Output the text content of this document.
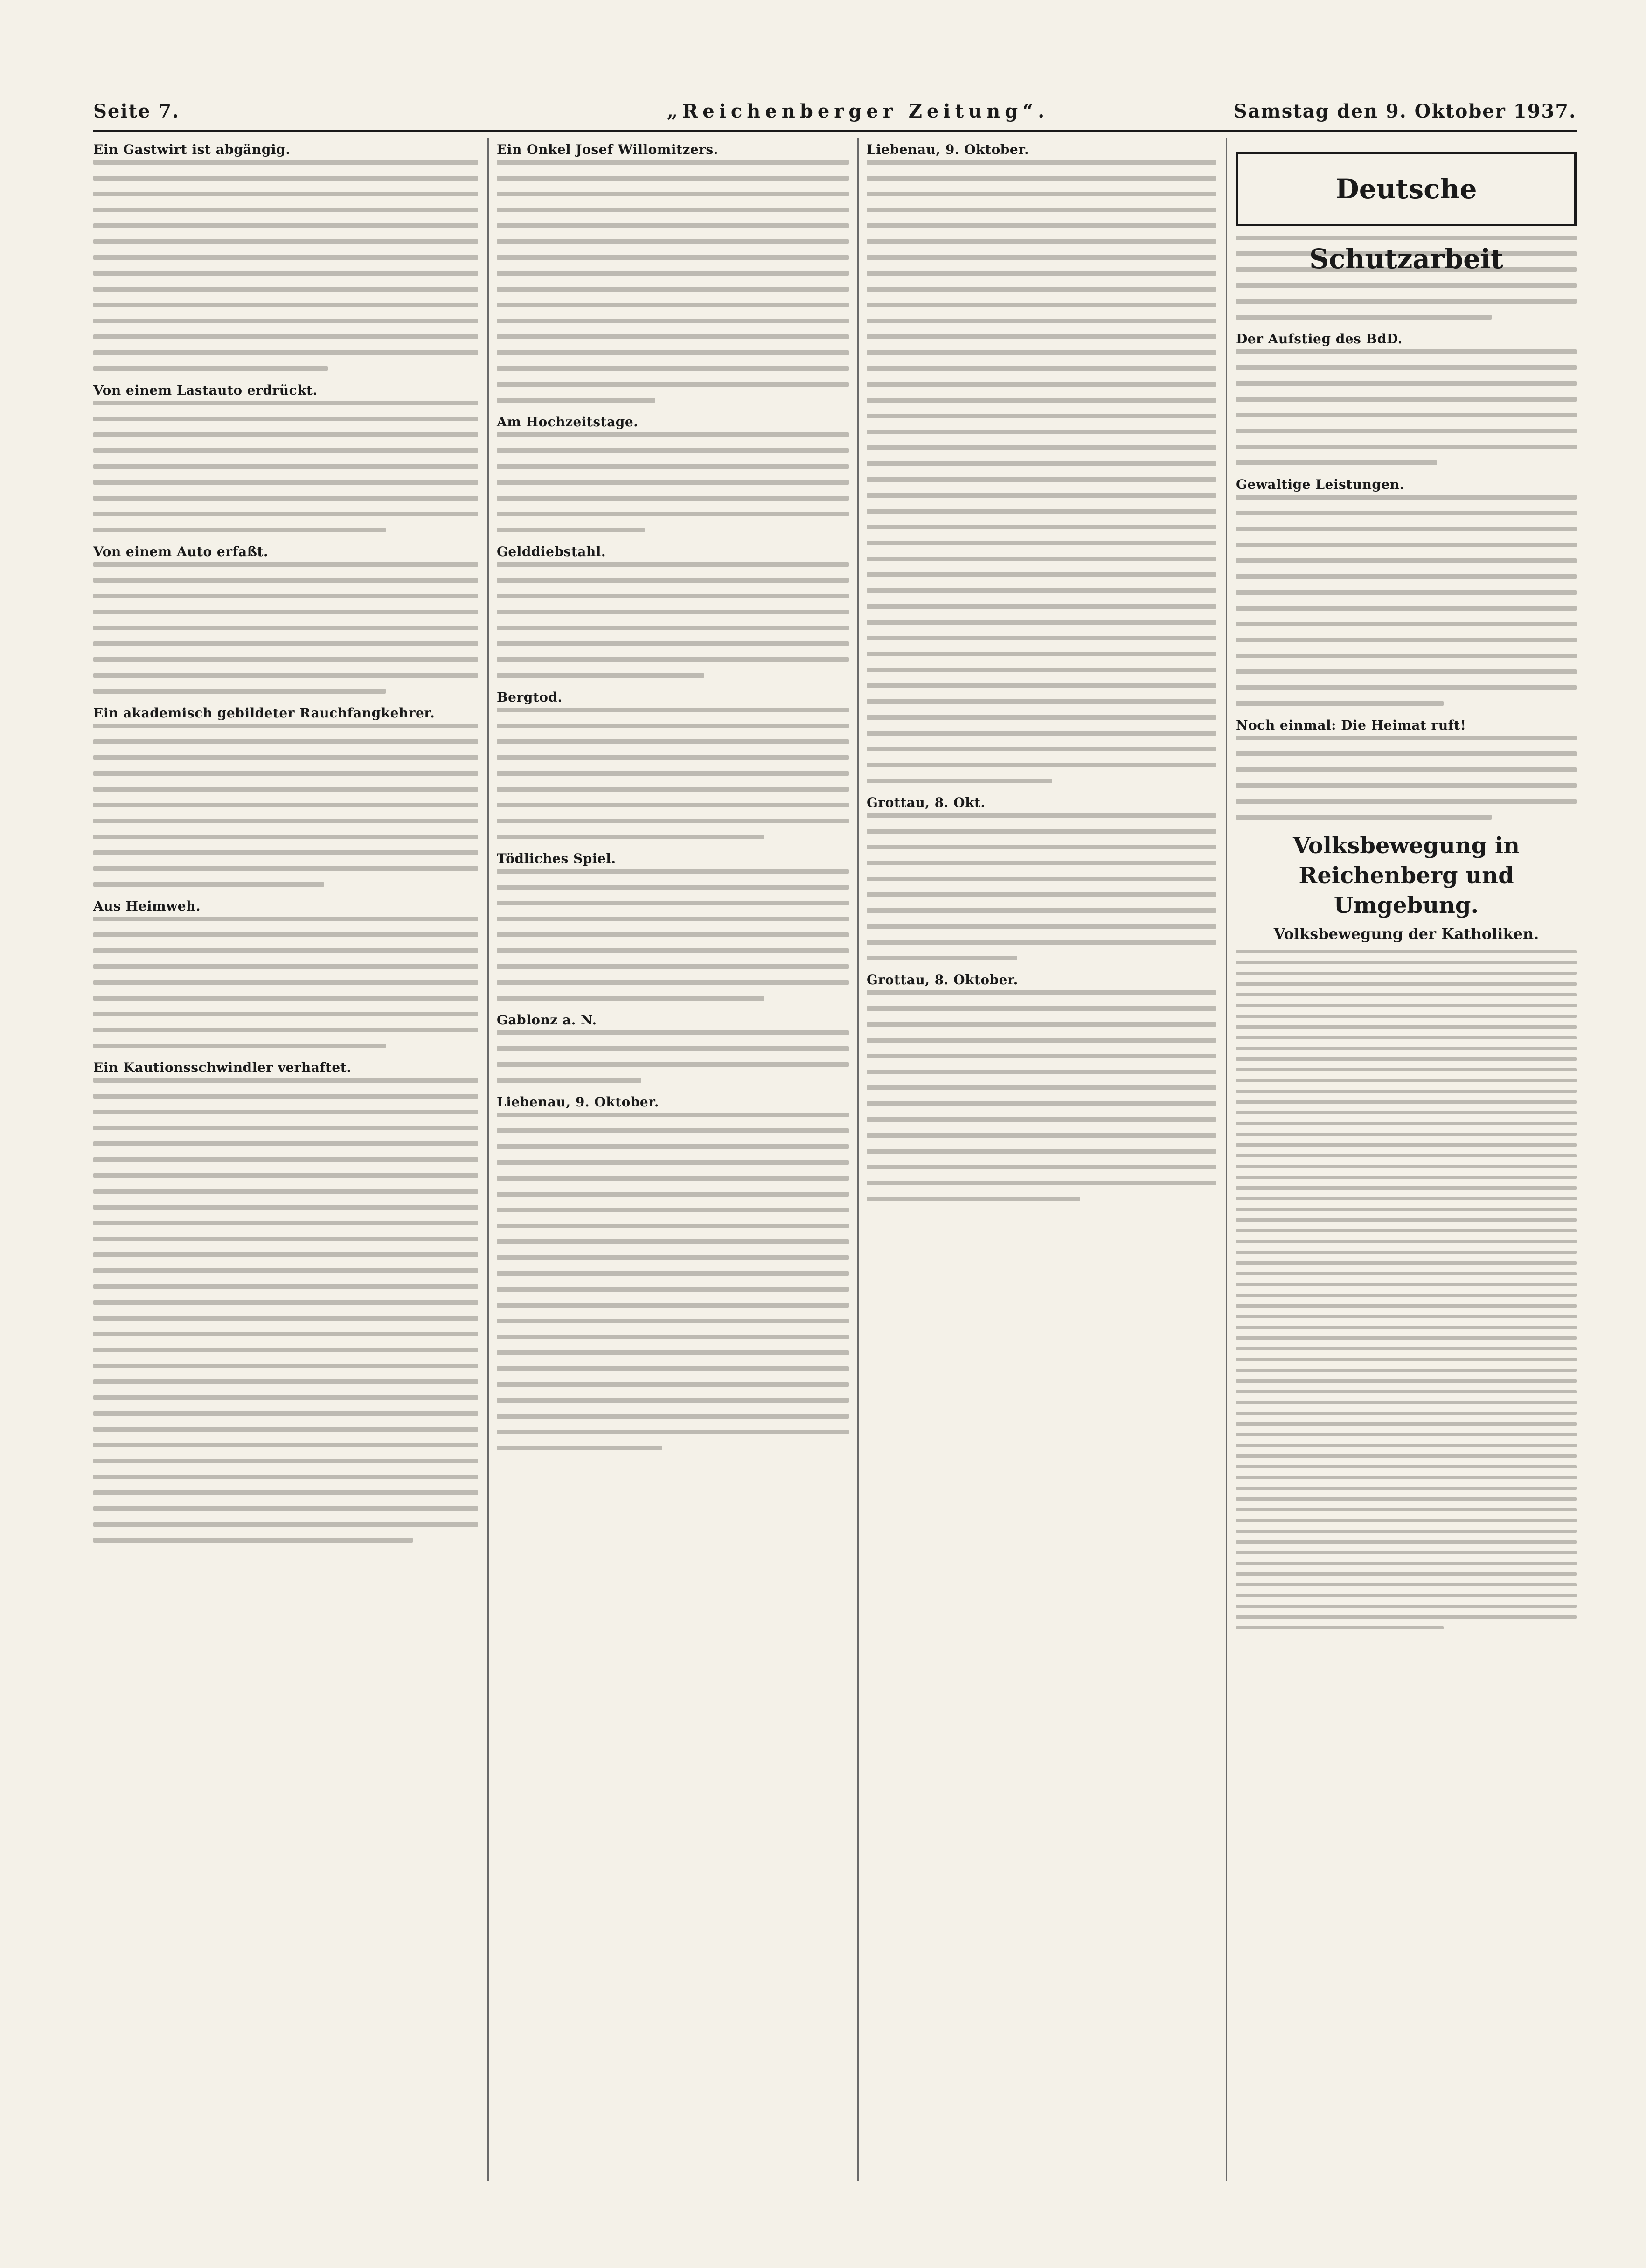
Seite 7.	„Reichenberger Zeitung“.	Samstag den 9. Oktober 1937.
Ein Gastwirt ist abgängig.
Von einem Lastauto erdrückt.
Von einem Auto erfaßt.
Ein akademisch gebildeter Rauchfangkehrer.
Aus Heimweh.
Ein Kautionsschwindler verhaftet.
Ein Onkel Josef Willomitzers.
Am Hochzeitstage.
Gelddiebstahl.
Bergtod.
Tödliches Spiel.
Gablonz a. N.
Liebenau, 9. Oktober.
Liebenau, 9. Oktober.
Grottau, 8. Okt.
Grottau, 8. Oktober.
Deutsche Schutzarbeit
Der Aufstieg des BdD.
Gewaltige Leistungen.
Noch einmal: Die Heimat ruft!
Volksbewegung in Reichenberg und Umgebung.
Volksbewegung der Katholiken.
